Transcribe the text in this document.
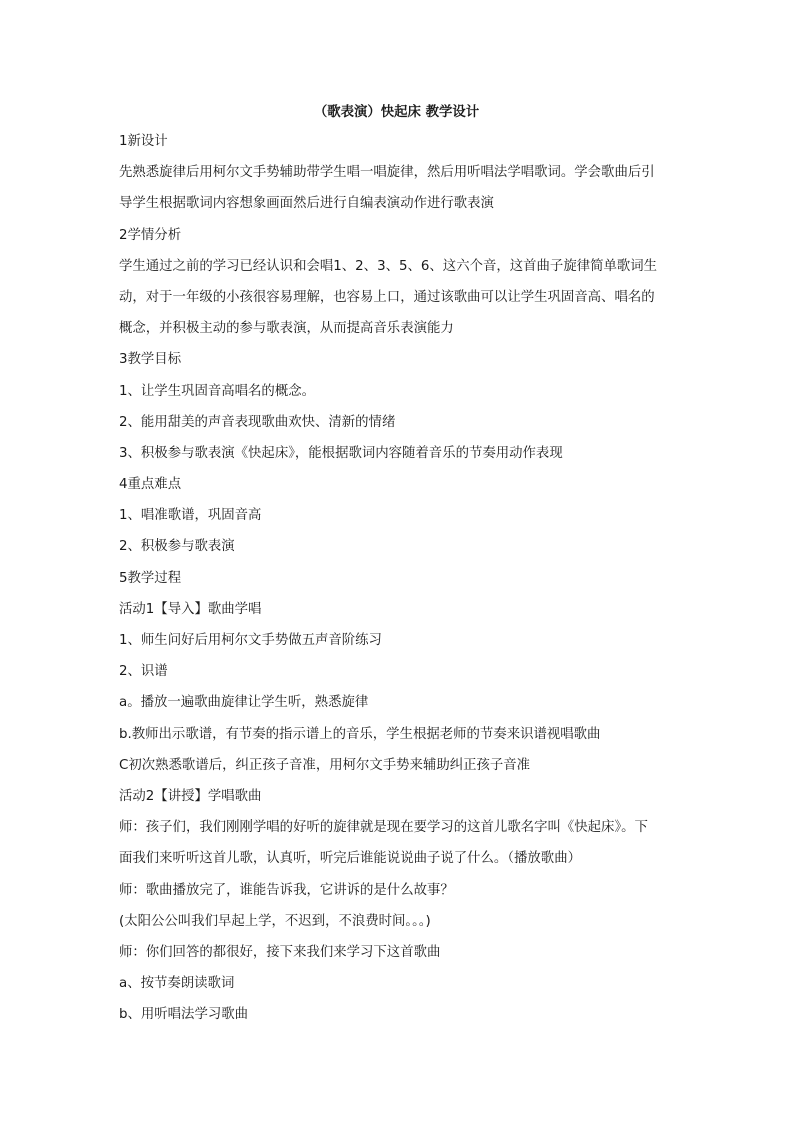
（歌表演）快起床 教学设计
1新设计
先熟悉旋律后用柯尔文手势辅助带学生唱一唱旋律，然后用听唱法学唱歌词。学会歌曲后引
导学生根据歌词内容想象画面然后进行自编表演动作进行歌表演
2学情分析
学生通过之前的学习已经认识和会唱1、2、3、5、6、这六个音，这首曲子旋律简单歌词生
动，对于一年级的小孩很容易理解，也容易上口，通过该歌曲可以让学生巩固音高、唱名的
概念，并积极主动的参与歌表演，从而提高音乐表演能力
3教学目标
1、让学生巩固音高唱名的概念。
2、能用甜美的声音表现歌曲欢快、清新的情绪
3、积极参与歌表演《快起床》，能根据歌词内容随着音乐的节奏用动作表现
4重点难点
1、唱准歌谱，巩固音高
2、积极参与歌表演
5教学过程
活动1【导入】歌曲学唱
1、师生问好后用柯尔文手势做五声音阶练习
2、识谱
a。播放一遍歌曲旋律让学生听，熟悉旋律
b.教师出示歌谱，有节奏的指示谱上的音乐，学生根据老师的节奏来识谱视唱歌曲
C初次熟悉歌谱后，纠正孩子音准，用柯尔文手势来辅助纠正孩子音准
活动2【讲授】学唱歌曲
师：孩子们，我们刚刚学唱的好听的旋律就是现在要学习的这首儿歌名字叫《快起床》。下
面我们来听听这首儿歌，认真听，听完后谁能说说曲子说了什么。（播放歌曲）
师：歌曲播放完了，谁能告诉我，它讲诉的是什么故事？
(太阳公公叫我们早起上学，不迟到，不浪费时间。。。)
师：你们回答的都很好，接下来我们来学习下这首歌曲
a、按节奏朗读歌词
b、用听唱法学习歌曲
